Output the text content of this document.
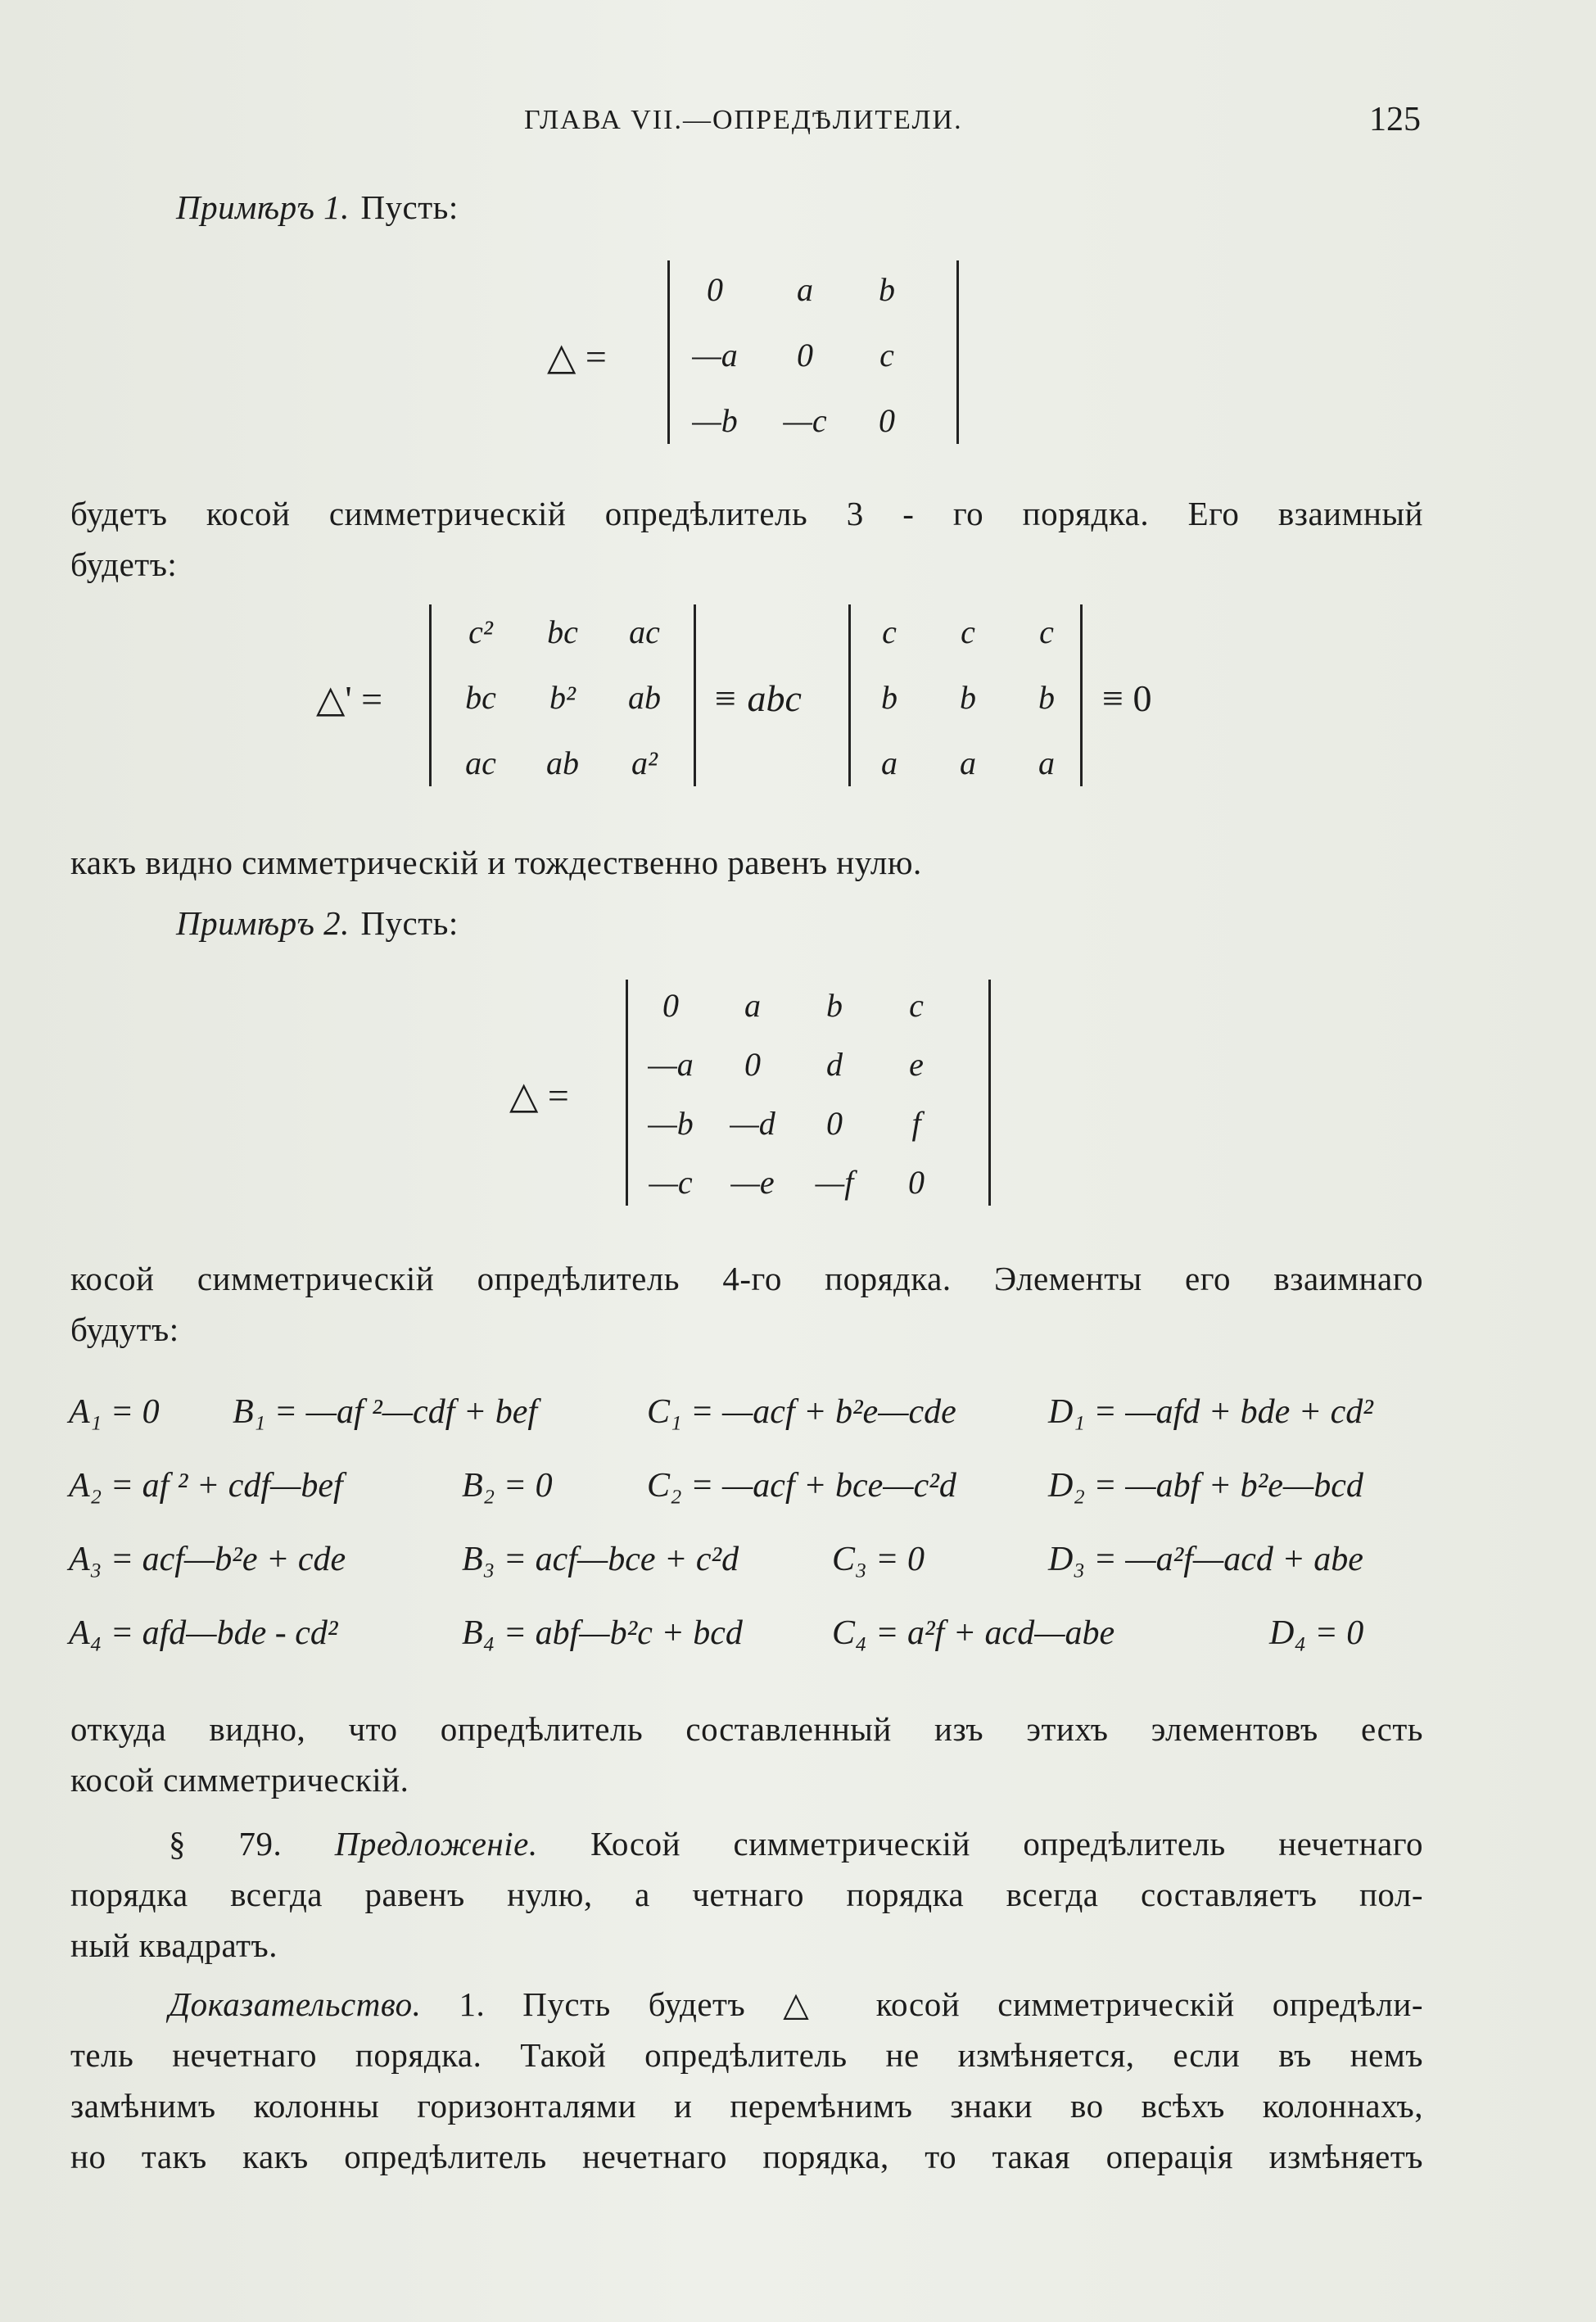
ГЛАВА VII.—ОПРЕДѢЛИТЕЛИ.	125
Примѣръ 1. Пусть:
△ =
0	a	b
—a	0	c
—b	—c	0
будетъ косой симметрическій опредѣлитель 3 - го порядка. Его взаимный
будетъ:
△' =
c²	bc	ac
bc	b²	ab
ac	ab	a²
≡ abc
c	c	c
b	b	b
a	a	a
≡ 0
какъ видно симметрическій и тождественно равенъ нулю.
Примѣръ 2. Пусть:
△ =
0	a	b	c
—a	0	d	e
—b	—d	0	f
—c	—e	—f	0
косой симметрическій опредѣлитель 4-го порядка. Элементы его взаимнаго
будутъ:
A₁ = 0 B₁ = —af ²—cdf + bef	C₁ = —acf + b²e—cde	D₁ = —afd + bde + cd²
A₂ = af ² + cdf—bef	B₂ = 0	C₂ = —acf + bce—c²d	D₂ = —abf + b²e—bcd
A₃ = acf—b²e + cde	B₃ = acf—bce + c²d	C₃ = 0	D₃ = —a²f—acd + abe
A₄ = afd—bde - cd²	B₄ = abf—b²c + bcd	C₄ = a²f + acd—abe	D₄ = 0
откуда видно, что опредѣлитель составленный изъ этихъ элементовъ есть
косой симметрическій.
§ 79. Предложеніе. Косой симметрическій опредѣлитель нечетнаго
порядка всегда равенъ нулю, а четнаго порядка всегда составляетъ пол-
ный квадратъ.
Доказательство. 1. Пусть будетъ △ косой симметрическій опредѣли-
тель нечетнаго порядка. Такой опредѣлитель не измѣняется, если въ немъ
замѣнимъ колонны горизонталями и перемѣнимъ знаки во всѣхъ колоннахъ,
но такъ какъ опредѣлитель нечетнаго порядка, то такая операція измѣняетъ
